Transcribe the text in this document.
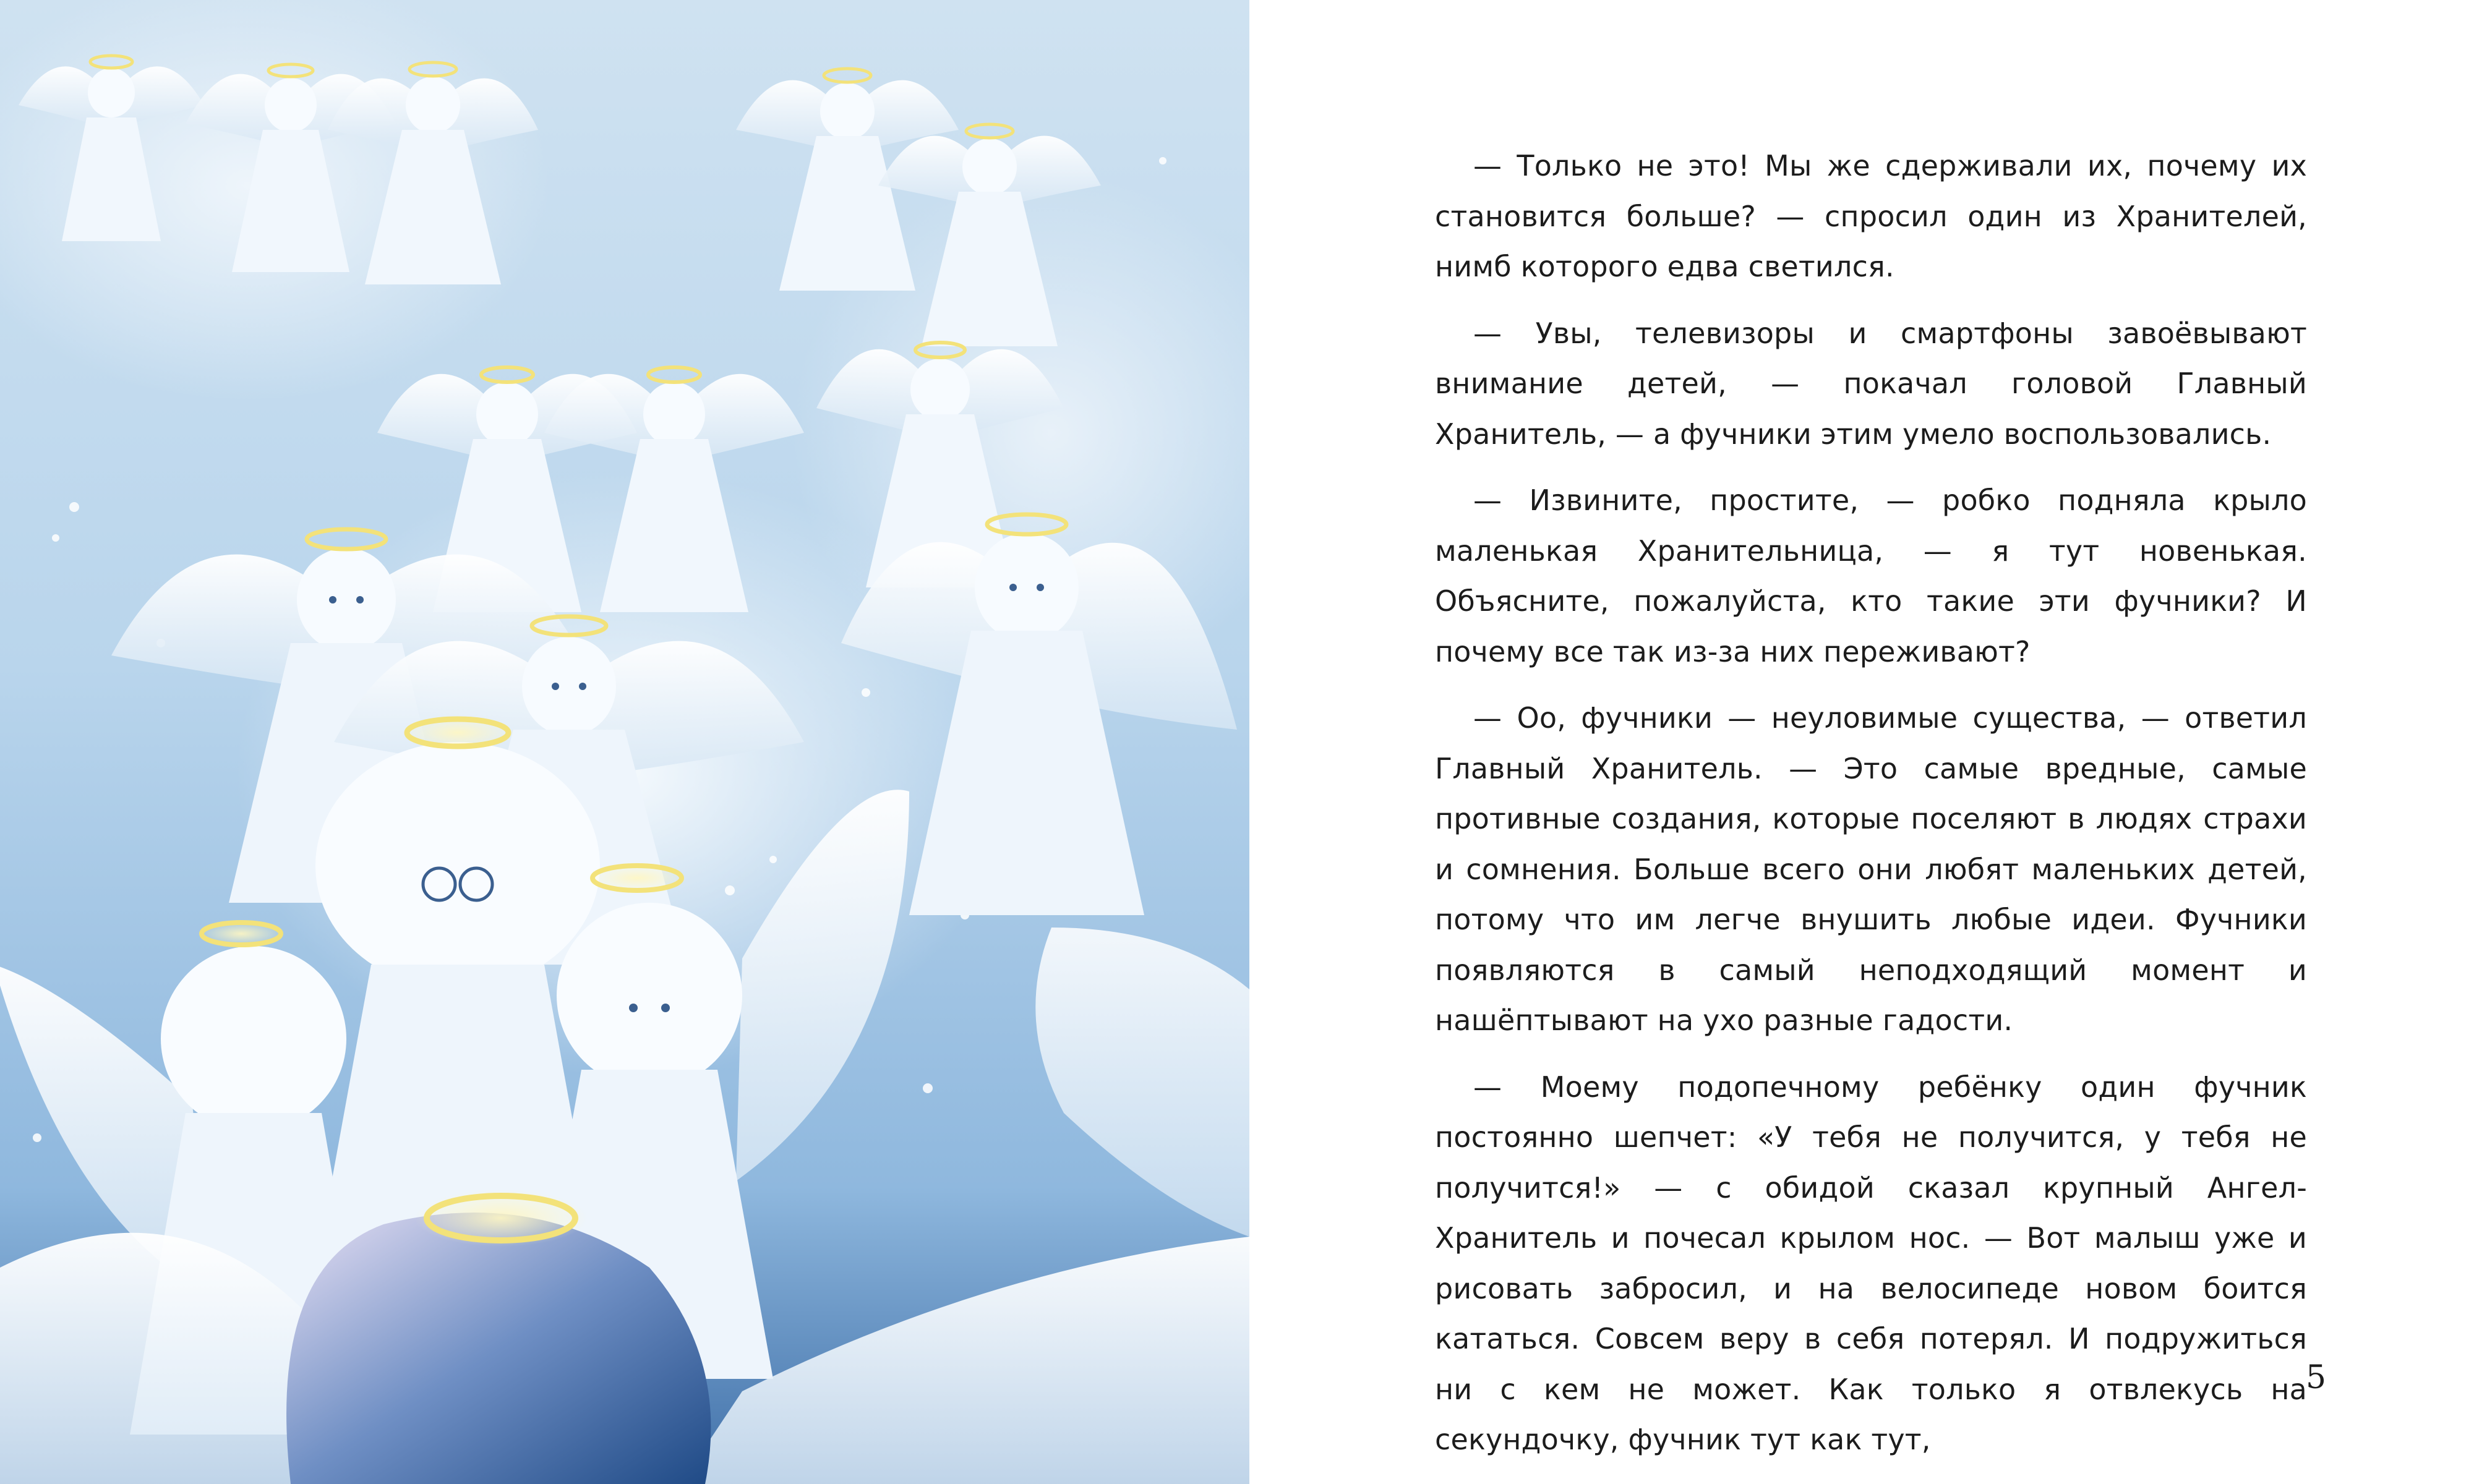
— Только не это! Мы же сдерживали их, почему их становится больше? — спросил один из Хранителей, нимб которого едва светился.

— Увы, телевизоры и смартфоны завоёвывают внимание детей, — покачал головой Главный Хранитель, — а фучники этим умело воспользовались.

— Извините, простите, — робко подняла крыло маленькая Хранительница, — я тут новенькая. Объясните, пожалуйста, кто такие эти фучники? И почему все так из-за них переживают?

— Оо, фучники — неуловимые существа, — ответил Главный Хранитель. — Это самые вредные, самые противные создания, которые поселяют в людях страхи и сомнения. Больше всего они любят маленьких детей, потому что им легче внушить любые идеи. Фучники появляются в самый неподходящий момент и нашёптывают на ухо разные гадости.

— Моему подопечному ребёнку один фучник постоянно шепчет: «У тебя не получится, у тебя не получится!» — с обидой сказал крупный Ангел-Хранитель и почесал крылом нос. — Вот малыш уже и рисовать забросил, и на велосипеде новом боится кататься. Совсем веру в себя потерял. И подружиться ни с кем не может. Как только я отвлекусь на секундочку, фучник тут как тут,

5
